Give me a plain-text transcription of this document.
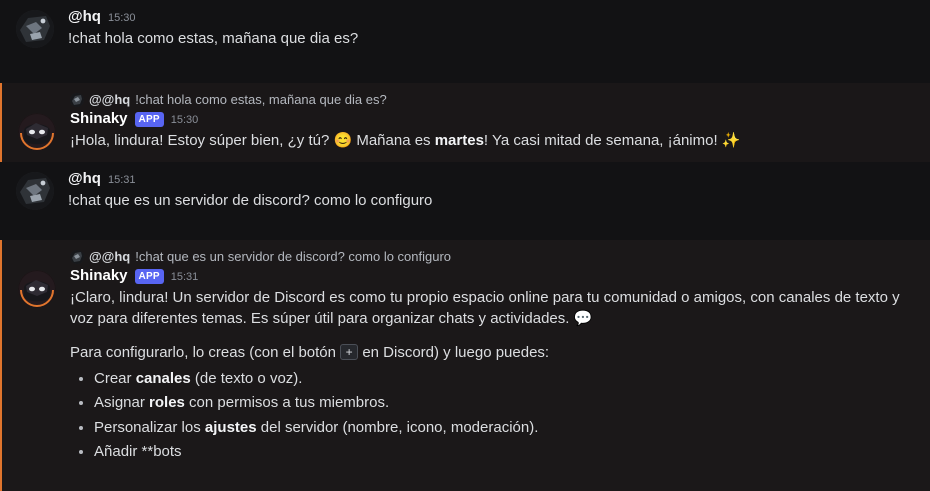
@hq 15:30
!chat hola como estas, mañana que dia es?
@@hq !chat hola como estas, mañana que dia es?
Shinaky	APP	15:30
¡Hola, lindura! Estoy súper bien, ¿y tú? 😊 Mañana es martes! Ya casi mitad de semana, ¡ánimo! ✨
@hq 15:31
!chat que es un servidor de discord? como lo configuro
@@hq !chat que es un servidor de discord? como lo configuro
Shinaky	APP	15:31

¡Claro, lindura! Un servidor de Discord es como tu propio espacio online para tu comunidad o amigos, con canales de texto y voz para diferentes temas. Es súper útil para organizar chats y actividades. 💬

Para configurarlo, lo creas (con el botón + en Discord) y luego puedes:

• Crear canales (de texto o voz).
• Asignar roles con permisos a tus miembros.
• Personalizar los ajustes del servidor (nombre, icono, moderación).
• Añadir **bots
